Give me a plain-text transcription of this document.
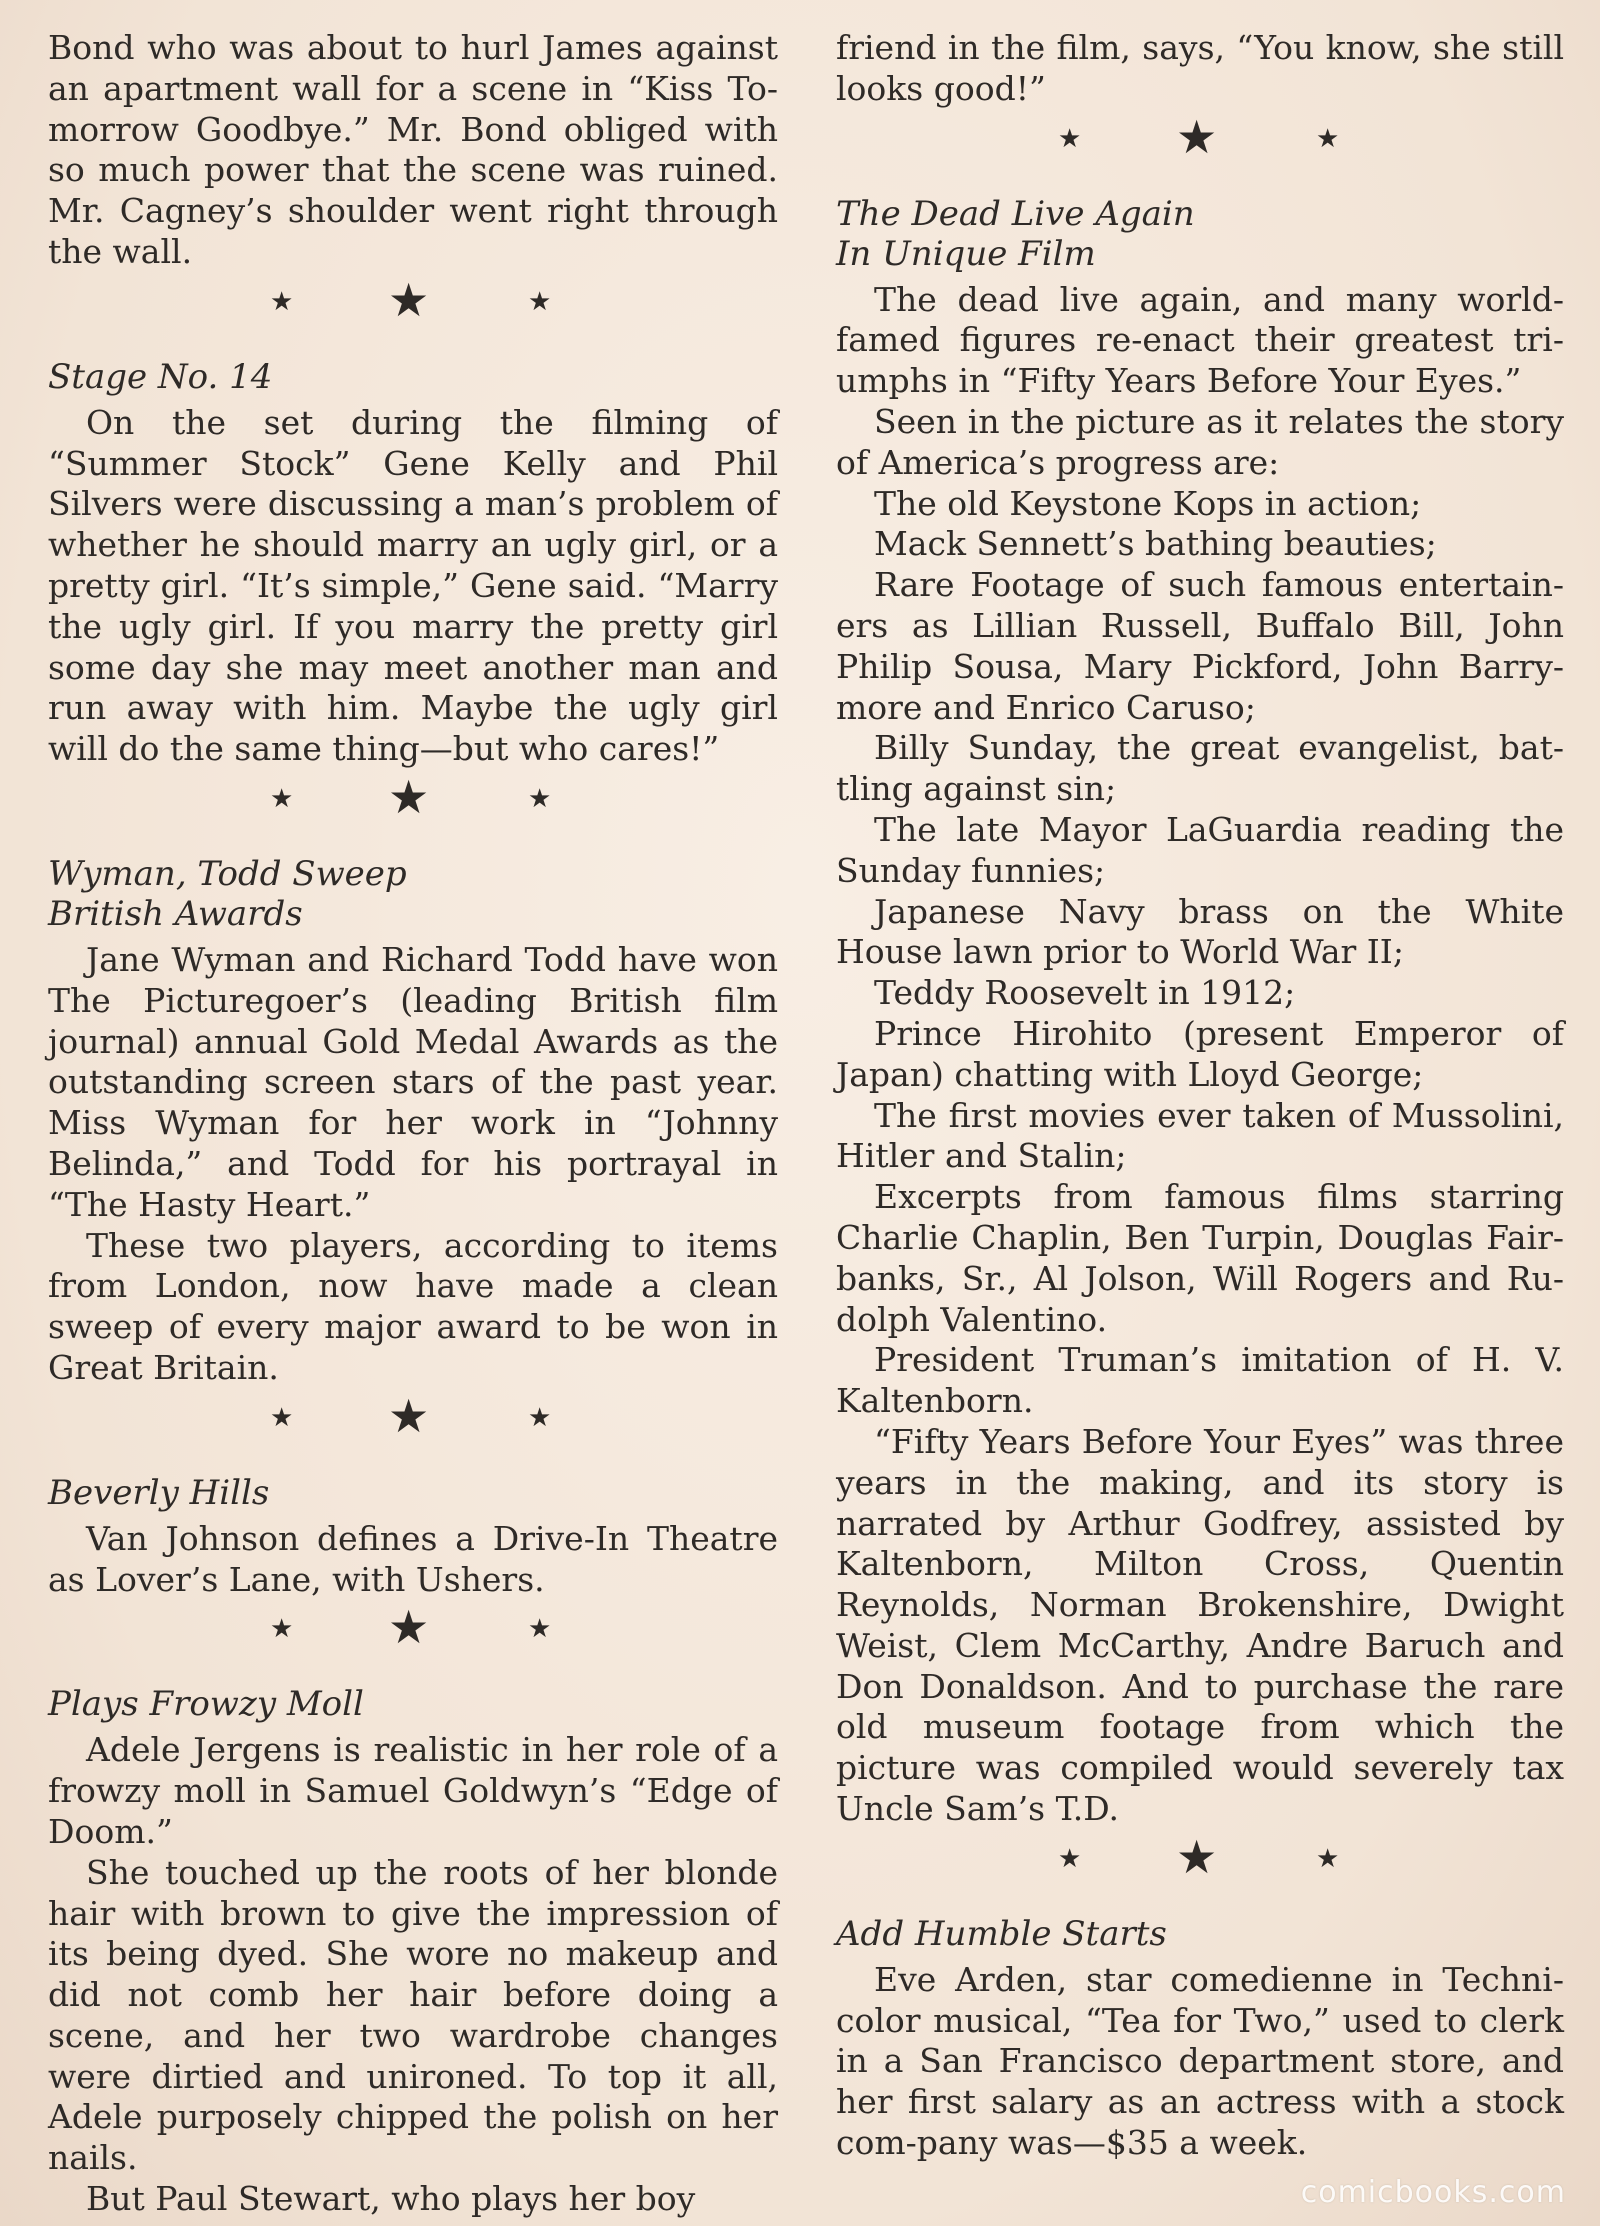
Bond who was about to hurl James against an apartment wall for a scene in “Kiss To-morrow Goodbye.” Mr. Bond obliged with so much power that the scene was ruined. Mr. Cagney’s shoulder went right through the wall.

★ ★	★
Stage No. 14

On the set during the filming of “Summer Stock” Gene Kelly and Phil Silvers were discussing a man’s problem of whether he should marry an ugly girl, or a pretty girl. “It’s simple,” Gene said. “Marry the ugly girl. If you marry the pretty girl some day she may meet another man and run away with him. Maybe the ugly girl will do the same thing—but who cares!”

★ ★	★
Wyman, Todd Sweep
British Awards

Jane Wyman and Richard Todd have won The Picturegoer’s (leading British film journal) annual Gold Medal Awards as the outstanding screen stars of the past year. Miss Wyman for her work in “Johnny Belinda,” and Todd for his portrayal in “The Hasty Heart.”

These two players, according to items from London, now have made a clean sweep of every major award to be won in Great Britain.

★ ★	★
Beverly Hills

Van Johnson defines a Drive-In Theatre as Lover’s Lane, with Ushers.

★ ★	★
Plays Frowzy Moll

Adele Jergens is realistic in her role of a frowzy moll in Samuel Goldwyn’s “Edge of Doom.”

She touched up the roots of her blonde hair with brown to give the impression of its being dyed. She wore no makeup and did not comb her hair before doing a scene, and her two wardrobe changes were dirtied and unironed. To top it all, Adele purposely chipped the polish on her nails.

But Paul Stewart, who plays her boy

friend in the film, says, “You know, she still looks good!”

★ ★	★
The Dead Live Again
In Unique Film

The dead live again, and many world-famed figures re-enact their greatest tri-umphs in “Fifty Years Before Your Eyes.”

Seen in the picture as it relates the story of America’s progress are:

The old Keystone Kops in action;

Mack Sennett’s bathing beauties;

Rare Footage of such famous entertain-ers as Lillian Russell, Buffalo Bill, John Philip Sousa, Mary Pickford, John Barry-more and Enrico Caruso;

Billy Sunday, the great evangelist, bat-tling against sin;

The late Mayor LaGuardia reading the Sunday funnies;

Japanese Navy brass on the White House lawn prior to World War II;

Teddy Roosevelt in 1912;

Prince Hirohito (present Emperor of Japan) chatting with Lloyd George;

The first movies ever taken of Mussolini, Hitler and Stalin;

Excerpts from famous films starring Charlie Chaplin, Ben Turpin, Douglas Fair-banks, Sr., Al Jolson, Will Rogers and Ru-dolph Valentino.

President Truman’s imitation of H. V. Kaltenborn.

“Fifty Years Before Your Eyes” was three years in the making, and its story is narrated by Arthur Godfrey, assisted by Kaltenborn, Milton Cross, Quentin Reynolds, Norman Brokenshire, Dwight Weist, Clem McCarthy, Andre Baruch and Don Donaldson. And to purchase the rare old museum footage from which the picture was compiled would severely tax Uncle Sam’s T.D.

★ ★	★
Add Humble Starts

Eve Arden, star comedienne in Techni-color musical, “Tea for Two,” used to clerk in a San Francisco department store, and her first salary as an actress with a stock com-pany was—$35 a week.

comicbooks.com
